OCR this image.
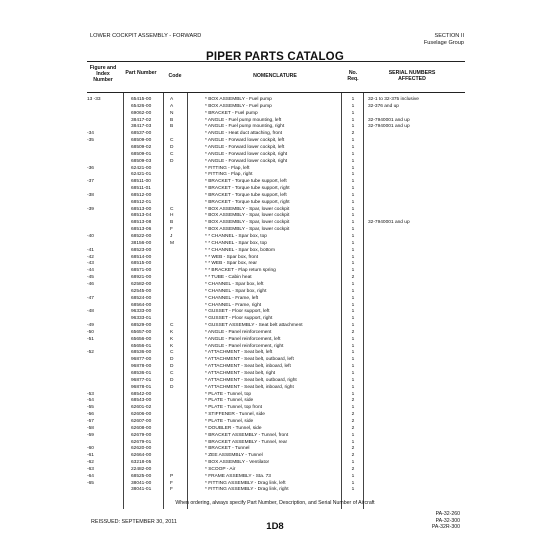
LOWER COCKPIT ASSEMBLY - FORWARD	SECTION II
Fuselage Group
PIPER PARTS CATALOG
Figure and Index Number
Part Number	Code	NOMENCLATURE	No. Req.
SERIAL NUMBERS AFFECTED
13 -33	65415-00	A	* BOX ASSEMBLY - Fuel pump	1	32-1 to 32-375 inclusive
65426-00	A	* BOX ASSEMBLY - Fuel pump	1	32-376 and up
69062-00	N	* BRACKET - Fuel pump	1
38417-02	B	* ANGLE - Fuel pump mounting, left	1	32-7940001 and up
38417-03	B	* ANGLE - Fuel pump mounting, right	1	32-7940001 and up
-34	68537-00	* ANGLE - Heat duct attaching, front	2
-35	68509-00	C	* ANGLE - Forward lower cockpit, left	1
68509-02	D	* ANGLE - Forward lower cockpit, left	1
68509-01	C	* ANGLE - Forward lower cockpit, right	1
68509-03	D	* ANGLE - Forward lower cockpit, right	1
-36	62421-00	* FITTING - Flap, left	1
62421-01	* FITTING - Flap, right	1
-37	68511-00	* BRACKET - Torque tube support, left	1
68511-01	* BRACKET - Torque tube support, right	1
-38	68512-00	* BRACKET - Torque tube support, left	1
68512-01	* BRACKET - Torque tube support, right	1
-39	68513-00	C	* BOX ASSEMBLY - Spar, lower cockpit	1
68513-04	H	* BOX ASSEMBLY - Spar, lower cockpit	1
68513-08	B	* BOX ASSEMBLY - Spar, lower cockpit	1	32-7940001 and up
68513-06	F	* BOX ASSEMBLY - Spar, lower cockpit	1
-40	68522-00	J	* * CHANNEL - Spar box, top	1
38156-00	M	* * CHANNEL - Spar box, top	1
-41	68523-00	* * CHANNEL - Spar box, bottom	1
-42	68514-00	* * WEB - Spar box, front	1
-43	68515-00	* * WEB - Spar box, rear	1
-44	68571-00	* * BRACKET - Flap return spring	1
-45	68921-00	* * TUBE - Cabin heat	2
-46	62582-00	* CHANNEL - Spar box, left	1
62545-00	* CHANNEL - Spar box, right	1
-47	68524-00	* CHANNEL - Frame, left	1
68564-00	* CHANNEL - Frame, right	1
-48	96333-00	* GUSSET - Floor support, left	1
96333-01	* GUSSET - Floor support, right	1
-49	68529-00	C	* GUSSET ASSEMBLY - Seat belt attachment	1
-50	65657-00	K	* ANGLE - Panel reinforcement	2
-51	65656-00	K	* ANGLE - Panel reinforcement, left	1
65656-01	K	* ANGLE - Panel reinforcement, right	1
-52	68536-00	C	* ATTACHMENT - Seat belt, left	1
96877-00	D	* ATTACHMENT - Seat belt, outboard, left	1
96878-00	D	* ATTACHMENT - Seat belt, inboard, left	1
68536-01	C	* ATTACHMENT - Seat belt, right	1
96877-01	D	* ATTACHMENT - Seat belt, outboard, right	1
96878-01	D	* ATTACHMENT - Seat belt, inboard, right	1
-53	68542-00	* PLATE - Tunnel, top	1
-54	68543-00	* PLATE - Tunnel, side	2
-55	62601-02	* PLATE - Tunnel, top front	1
-56	62606-00	* STIFFENER - Tunnel, side	2
-57	62607-00	* PLATE - Tunnel, side	2
-58	62608-00	* DOUBLER - Tunnel, side	2
-59	62679-00	* BRACKET ASSEMBLY - Tunnel, front	1
62679-01	* BRACKET ASSEMBLY - Tunnel, rear	1
-60	62620-00	* BRACKET - Tunnel	2
-61	62664-00	* ZEE ASSEMBLY - Tunnel	2
-62	63218-05	* BOX ASSEMBLY - Ventilator	1
-63	22482-00	* SCOOP - Air	2
-64	68525-00	P	* FRAME ASSEMBLY - Sta. 73	1
-65	38041-00	F	* FITTING ASSEMBLY - Drag link, left	1
38041-01	F	* FITTING ASSEMBLY - Drag link, right	1
When ordering, always specify Part Number, Description, and Serial Number of Aircraft
REISSUED: SEPTEMBER 30, 2011	1D8
PA-32-260
PA-32-300
PA-32R-300
